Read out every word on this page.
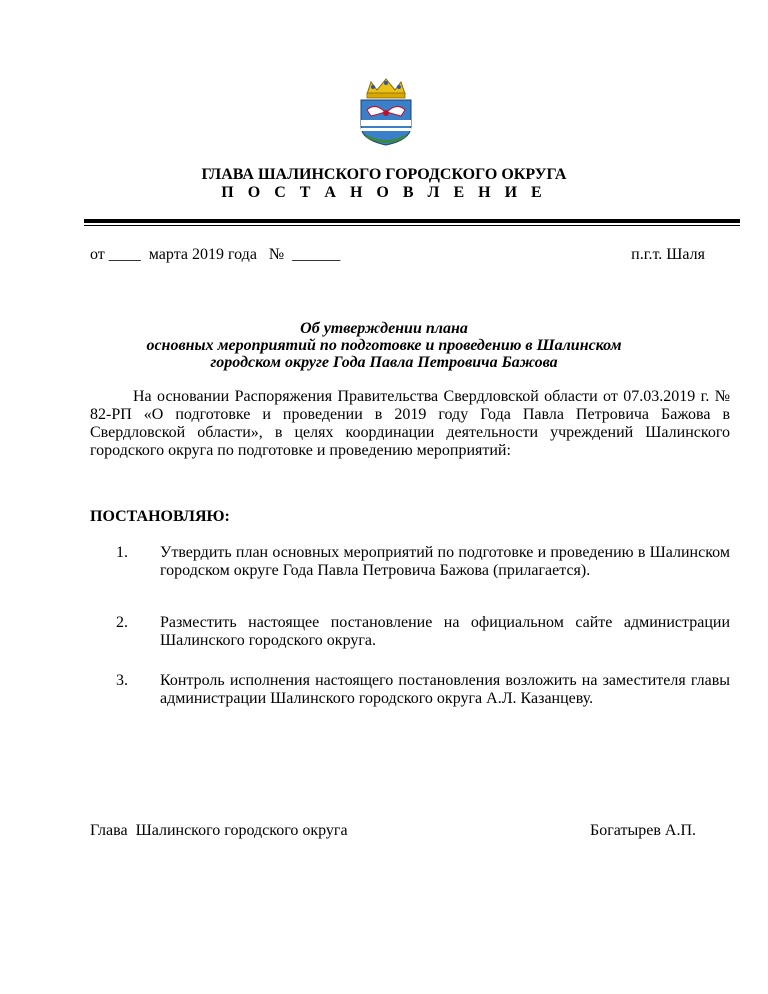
ГЛАВА ШАЛИНСКОГО ГОРОДСКОГО ОКРУГА
П О С Т А Н О В Л Е Н И Е
от ____  марта 2019 года   №  ______	п.г.т. Шаля
Об утверждении плана
основных мероприятий по подготовке и проведению в Шалинском
городском округе Года Павла Петровича Бажова
На основании Распоряжения Правительства Свердловской области от 07.03.2019 г. № 82-РП «О подготовке и проведении в 2019 году Года Павла Петровича Бажова в Свердловской области», в целях координации деятельности учреждений Шалинского городского округа по подготовке и проведению мероприятий:
ПОСТАНОВЛЯЮ:
1. Утвердить план основных мероприятий по подготовке и проведению в Шалинском городском округе Года Павла Петровича Бажова (прилагается).
2. Разместить настоящее постановление на официальном сайте администрации Шалинского городского округа.
3. Контроль исполнения настоящего постановления возложить на заместителя главы администрации Шалинского городского округа А.Л. Казанцеву.
Глава  Шалинского городского округа	Богатырев А.П.
